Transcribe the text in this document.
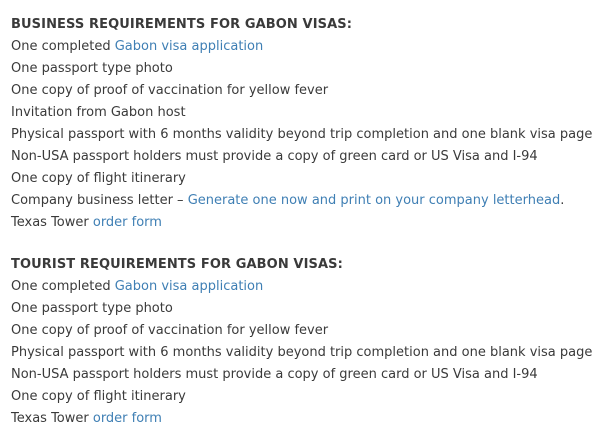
BUSINESS REQUIREMENTS FOR GABON VISAS:
One completed Gabon visa application
One passport type photo
One copy of proof of vaccination for yellow fever
Invitation from Gabon host
Physical passport with 6 months validity beyond trip completion and one blank visa page
Non-USA passport holders must provide a copy of green card or US Visa and I-94
One copy of flight itinerary
Company business letter – Generate one now and print on your company letterhead.
Texas Tower order form
TOURIST REQUIREMENTS FOR GABON VISAS:
One completed Gabon visa application
One passport type photo
One copy of proof of vaccination for yellow fever
Physical passport with 6 months validity beyond trip completion and one blank visa page
Non-USA passport holders must provide a copy of green card or US Visa and I-94
One copy of flight itinerary
Texas Tower order form
